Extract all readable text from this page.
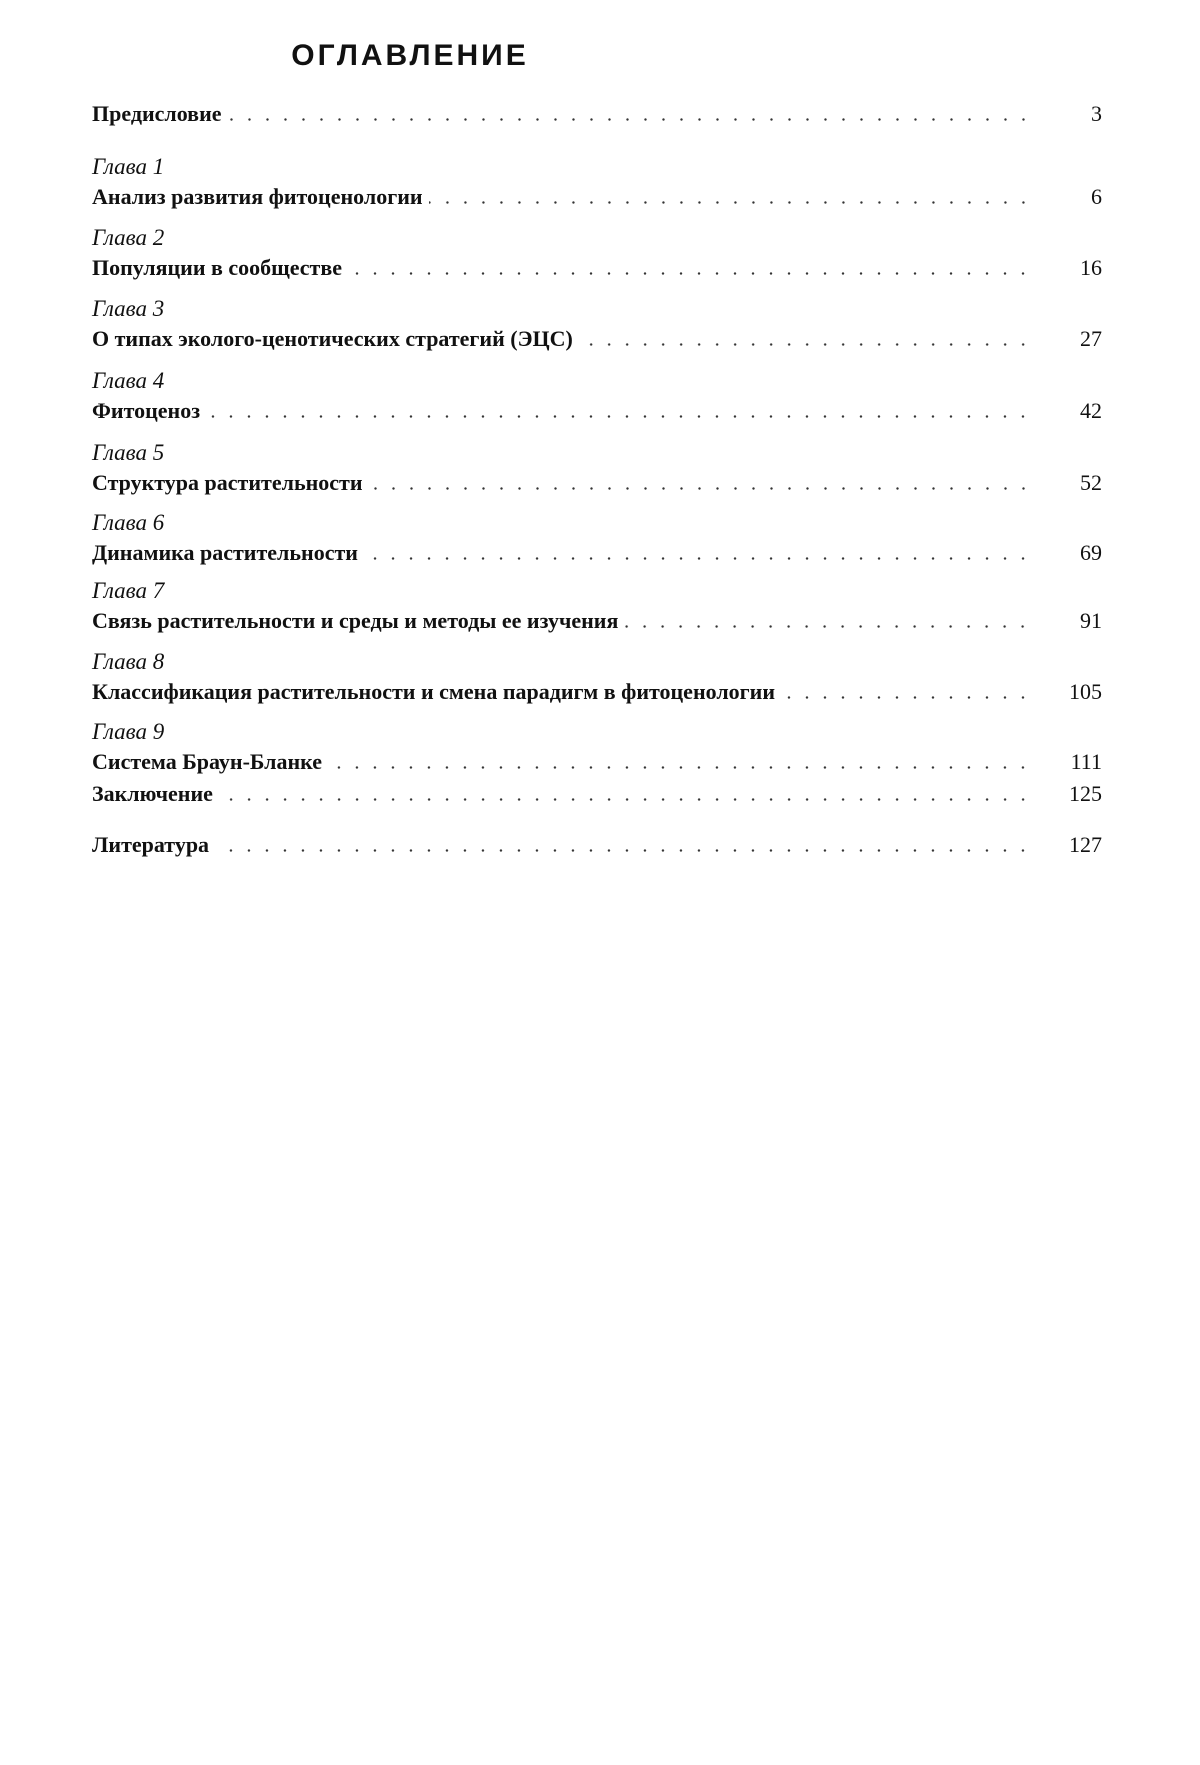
ОГЛАВЛЕНИЕ
Предисловие	3
Глава 1
Анализ развития фитоценологии	6
Глава 2
Популяции в сообществе	16
Глава 3
О типах эколого-ценотических стратегий (ЭЦС)	27
Глава 4
Фитоценоз	42
Глава 5
Структура растительности	52
Глава 6
Динамика растительности	69
Глава 7
Связь растительности и среды и методы ее изучения	91
Глава 8
Классификация растительности и смена парадигм в фитоценологии	105
Глава 9
Система Браун-Бланке	111
Заключение	125
Литература	127
